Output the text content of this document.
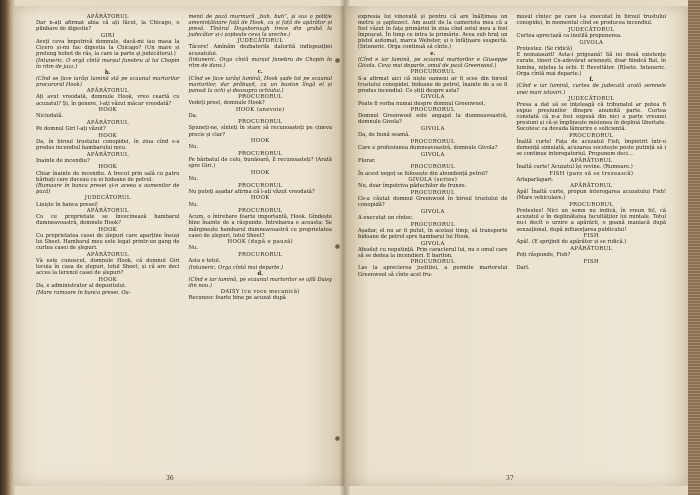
APĂRĂTORUL
Dar n-ați afirmat abia că ați făcut, la Chicago, o pilnbare de digestie?
GIRI
Aveți ceva împotrivă domnule, dacă-mi iau masa la Cicero și-mi fac digestia la Chicago? (Un mare și prelung hohot de râs, la care ia parte și judecătorul.)
(Intuneric. O orgă cîntă marșul funebru al lui Chopin în ritm de jazz.)
b.
(Cînd se face iarăși lumină stă pe scaunul martorilor procurorul Hook)
APĂRĂTORUL
Ați avut vreodată, domnule Hook, vreo ceartă cu acuzatul? Și, în genere, l-ați văzut măcar vreodată?
HOOK
Niciodată.
APĂRĂTORUL
Pe domnul Giri l-ați văzut?
HOOK
Da, în biroul trustului conopidei, în ziua cînd s-a produs incendiul hambarului meu.
APĂRĂTORUL
Inainte de incendiu?
HOOK
Chiar înainte de incendiu. A trecut prin sală cu patru bărbați care duceau cu ei bidoane de petrol.
(Rumoare în banca presei și-n aceea a oamenilor de pază)
JUDECĂTORUL
Liniște în banca presei!
APĂRĂTORUL
Cu ce proprietate se învecinează hambarul dumneavoastră, domnule Hook?
HOOK
Cu proprietatea casei de șlepuri care aparține însuși lui Sheet. Hambarul meu este legat printr-un gang de curtea casei de șlepuri.
APĂRĂTORUL
Vă este cunoscut, domnule Hook, că domnul Giri locuia în casa de șlepuri, lotul Sheet, și că are deci acces la terenul casei de șlepuri?
HOOK
Da, e administrator al depozitului.
(Mare rumoare în banca presei. Oa-
menii de pază murmură „buh, buh”, și sus o poliție amenințătoare față de Hook, ca și față de apărător și presă. Tînărul Dogsborough trece din grabă la judecător și-i șoptește ceva la ureche.)
JUDECĂTORUL
Tăcere! Amînăm dezbaterile datorită indispoziției acuzatului.
(Intuneric. Orga cîntă marșul funebru de Chopin în ritm de dans.)
c.
(Cînd se face iarăși lumină, Hook șade tot pe scaunul martorilor, dar prăbușit, cu un baston lîngă el și pansat la ochi și deasupra ochiului.)
PROCURORUL
Vedeți prost, domnule Hook?
HOOK (anevoie)
Da.
PROCURORUL
Spuneți-ne, sînteți în stare să recunoașteți pe cineva precis și clar?
HOOK
Nu.
PROCURORUL
Pe bărbatul de colo, bunăoară, îl recunoașteți? (Arată spre Giri.)
HOOK
Nu.
PROCURORUL
Nu puteți așadar afirma că l-ați văzut vreodată?
HOOK
Nu.
PROCURORUL
Acum, o întrebare foarte importantă, Hook. Gîndește bine înainte de a răspunde. Întrebarea e aceasta: Se mărginește hambarul dumneavoastră cu proprietatea casei de șlepuri, lotul Sheet?
HOOK (după o pauză)
Nu.
PROCURORUL
Asta e totul.
(Intuneric. Orga cîntă mai departe.)
d.
(Cînd e iar lumină, pe scaunul martorilor se află Daisy din nou.)
DAISY (cu voce mecanică)
Recunosc foarte bine pe acuzat după
36
expresia lui vinovată și pentru că are înălțimea un metru și șaptezeci. Am auzit de la camerista mea că a fost văzut în fața primăriei în ziua cînd sotul meu a fost împușcat. În timp ce intra la primărie. Avea sub braț un pistol automat, marca Webster, și o înfățișare suspectă. (Intuneric. Orga continuă să cînte.)
e.
(Cînd e iar lumină, pe scaunul martorilor e Giuseppe Givola. Ceva mai departe, omul de pază Greenwool.)
PROCURORUL
S-a afirmat aici că niște oameni ar fi scos din biroul trustului conopidei, bidoane de petrol, înainte de a se fi produs incendiul. Ce știți despre asta?
GIVOLA
Poate fi vorba numai despre domnul Greenwool.
PROCURORUL
Domnul Greenwool este angajat la dumneavoastră, domnule Givola?
GIVOLA
Da, de bună seamă.
PROCURORUL
Care e profesiunea dumneavoastră, domnule Givola?
GIVOLA
Florar.
PROCURORUL
În acest negoț se folosește din abundență petrol?
GIVOLA (serios)
Nu, doar împotriva păduchilor de frunze.
PROCURORUL
Ce-a căutat domnul Greenwool în biroul trustului de conopidă?
GIVOLA
A executat un cîntec.
PROCURORUL
Așadar, el nu ar fi putut, în același timp, să transporte bidoane de petrol spre hambarul lui Hook.
GIVOLA
Absolut cu neputință. Prin caracterul lui, nu e omul care să se dedea la incendieri. E bariton.
PROCURORUL
Las la aprecierea justiției, a permite martorului Greenwool să cînte acel fru-
mosul cîntec pe care l-a executat în biroul trustului conopidei, în momentul cînd se producea incendiul.
JUDECĂTORUL
Curtea apreciază ca inutilă propunerea.
GIVOLA
Protestez. (Se ridică)
E nemaiauzit! Asta-i prigoană! Să iei două existențe curate, tineri Cu-adevărat arienești, doar fiindcă Bat, în lumina, nițeluș la ochi. E Revoltător. (Rîsete. Intuneric. Orga cîntă mai departe.)
f.
(Cînd e iar lumină, curtea de judecată arată semnele unei mari istoviri.)
JUDECĂTORUL
Presa a dat să se înțeleagă că tribunalul ar putea fi expus presiunilor dinspre anumită parte. Curtea constată că n-a fost expusă din nici o parte vreunei presiuni și că-și împlinește misiunea în deplină libertate. Socotesc ca dovada lămurire e suficientă.
PROCURORUL
Înaltă curte! Fața de acuzatul Fish, împietrit într-o demență simulată, acuzarea socotește peste putință să i se continue interogatoriul. Propunem deci...
APĂRĂTORUL
Înaltă curte! Acuzatul își revine. (Rumoare.)
FISH (pare să se trezească)
Arlaparlapari.
APĂRĂTORUL
Apă! Înaltă curte, propun interogarea acuzatului Fish! (Mare vehiculare.)
PROCURORUL
Protestez! Nici un semn nu indică, în vreun fel, că acuzatul e în deplinătatea facultăților lui mintale. Totul nu-i decît o urzire a apărării, o goană maniacă după senzațional, după influențarea publicului!
FISH
Apă!. (E sprijinit de apărător și se ridică.)
APĂRĂTORUL
Poți răspunde, Fish?
FISH
Darl.
37
